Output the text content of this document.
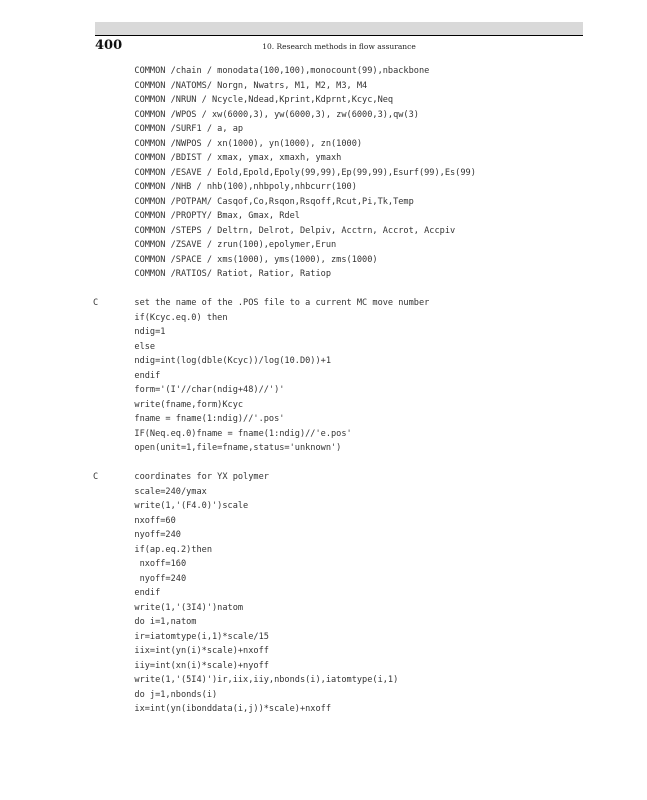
400	10. Research methods in flow assurance
COMMON /chain / monodata(100,100),monocount(99),nbackbone
COMMON /NATOMS/ Norgn, Nwatrs, M1, M2, M3, M4
COMMON /NRUN / Ncycle,Ndead,Kprint,Kdprnt,Kcyc,Neq
COMMON /WPOS / xw(6000,3), yw(6000,3), zw(6000,3),qw(3)
COMMON /SURF1 / a, ap
COMMON /NWPOS / xn(1000), yn(1000), zn(1000)
COMMON /BDIST / xmax, ymax, xmaxh, ymaxh
COMMON /ESAVE / Eold,Epold,Epoly(99,99),Ep(99,99),Esurf(99),Es(99)
COMMON /NHB / nhb(100),nhbpoly,nhbcurr(100)
COMMON /POTPAM/ Casqof,Co,Rsqon,Rsqoff,Rcut,Pi,Tk,Temp
COMMON /PROPTY/ Bmax, Gmax, Rdel
COMMON /STEPS / Deltrn, Delrot, Delpiv, Acctrn, Accrot, Accpiv
COMMON /ZSAVE / zrun(100),epolymer,Erun
COMMON /SPACE / xms(1000), yms(1000), zms(1000)
COMMON /RATIOS/ Ratiot, Ratior, Ratiop
C       set the name of the .POS file to a current MC move number
if(Kcyc.eq.0) then
ndig=1
else
ndig=int(log(dble(Kcyc))/log(10.D0))+1
endif
form='(I'//char(ndig+48)//')'
write(fname,form)Kcyc
fname = fname(1:ndig)//'.pos'
IF(Neq.eq.0)fname = fname(1:ndig)//'e.pos'
open(unit=1,file=fname,status='unknown')
C       coordinates for YX polymer
scale=240/ymax
write(1,'(F4.0)')scale
nxoff=60
nyoff=240
if(ap.eq.2)then
nxoff=160
nyoff=240
endif
write(1,'(3I4)')natom
do i=1,natom
ir=iatomtype(i,1)*scale/15
iix=int(yn(i)*scale)+nxoff
iiy=int(xn(i)*scale)+nyoff
write(1,'(5I4)')ir,iix,iiy,nbonds(i),iatomtype(i,1)
do j=1,nbonds(i)
ix=int(yn(ibonddata(i,j))*scale)+nxoff
